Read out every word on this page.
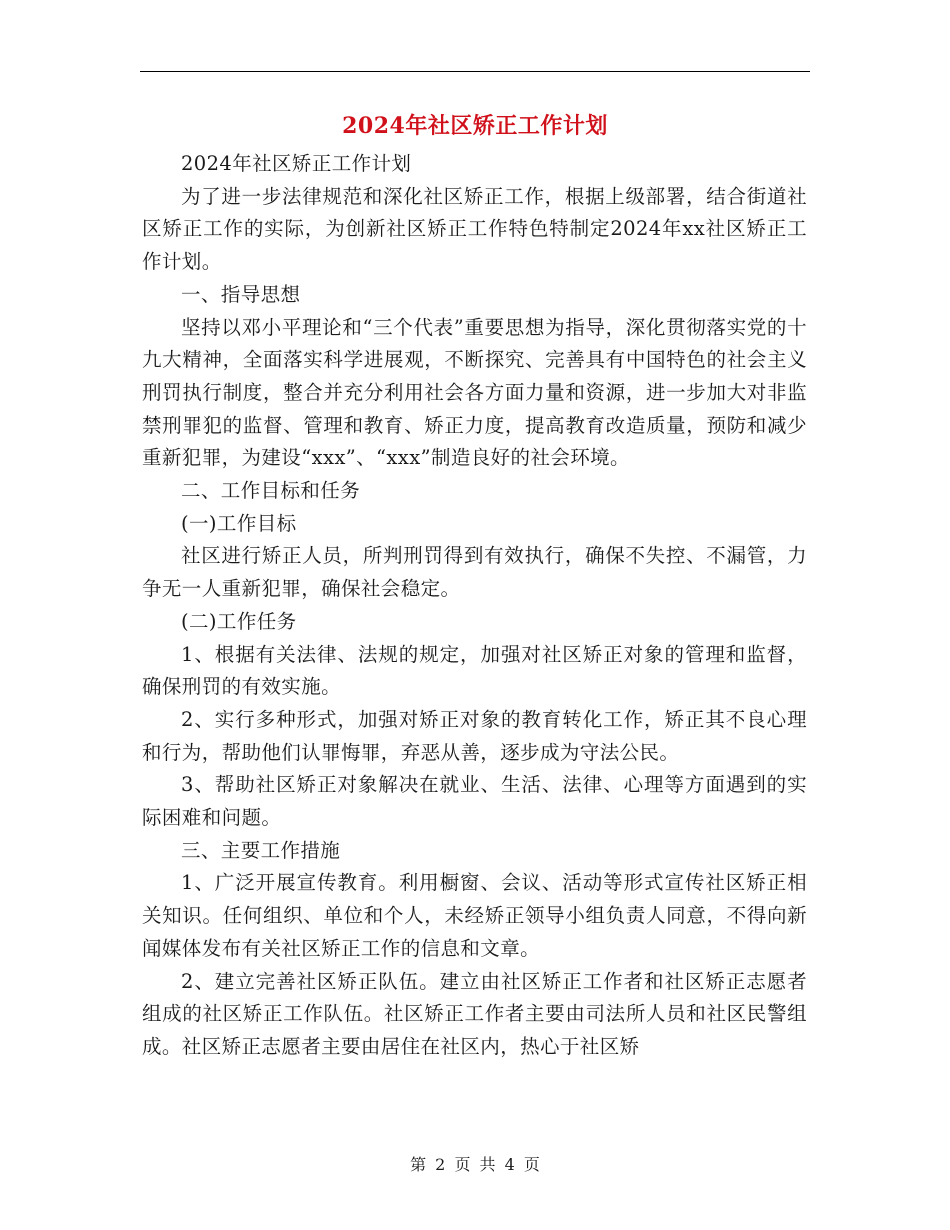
2024年社区矫正工作计划

2024年社区矫正工作计划

为了进一步法律规范和深化社区矫正工作，根据上级部署，结合街道社区矫正工作的实际，为创新社区矫正工作特色特制定2024年xx社区矫正工作计划。

一、指导思想

坚持以邓小平理论和“三个代表”重要思想为指导，深化贯彻落实党的十九大精神，全面落实科学进展观，不断探究、完善具有中国特色的社会主义刑罚执行制度，整合并充分利用社会各方面力量和资源，进一步加大对非监禁刑罪犯的监督、管理和教育、矫正力度，提高教育改造质量，预防和减少重新犯罪，为建设“xxx”、“xxx”制造良好的社会环境。

二、工作目标和任务

(一)工作目标

社区进行矫正人员，所判刑罚得到有效执行，确保不失控、不漏管，力争无一人重新犯罪，确保社会稳定。

(二)工作任务

1、根据有关法律、法规的规定，加强对社区矫正对象的管理和监督，确保刑罚的有效实施。

2、实行多种形式，加强对矫正对象的教育转化工作，矫正其不良心理和行为，帮助他们认罪悔罪，弃恶从善，逐步成为守法公民。

3、帮助社区矫正对象解决在就业、生活、法律、心理等方面遇到的实际困难和问题。

三、主要工作措施

1、广泛开展宣传教育。利用橱窗、会议、活动等形式宣传社区矫正相关知识。任何组织、单位和个人，未经矫正领导小组负责人同意，不得向新闻媒体发布有关社区矫正工作的信息和文章。

2、建立完善社区矫正队伍。建立由社区矫正工作者和社区矫正志愿者组成的社区矫正工作队伍。社区矫正工作者主要由司法所人员和社区民警组成。社区矫正志愿者主要由居住在社区内，热心于社区矫

第 2 页 共 4 页
